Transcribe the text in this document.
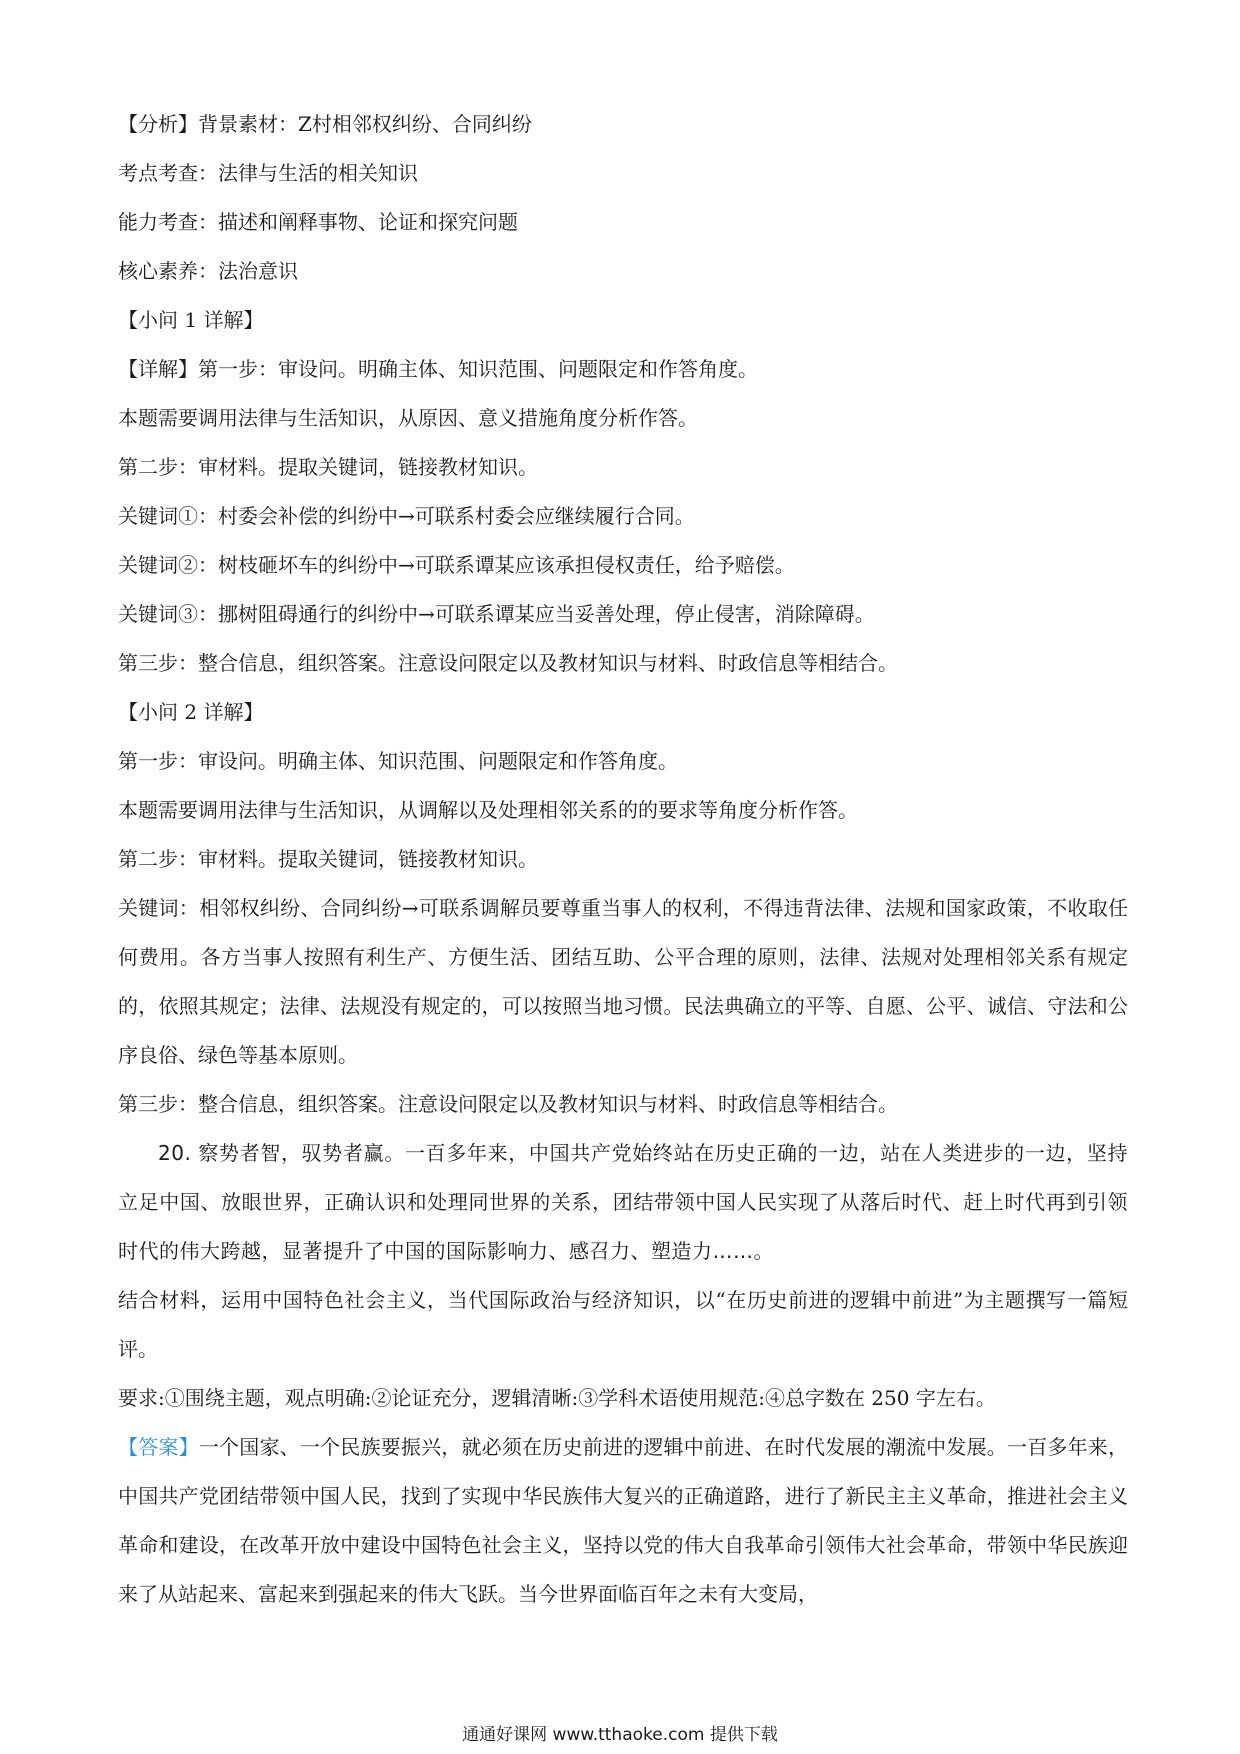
【分析】背景素材：Z村相邻权纠纷、合同纠纷
考点考查：法律与生活的相关知识
能力考查：描述和阐释事物、论证和探究问题
核心素养：法治意识
【小问 1 详解】
【详解】第一步：审设问。明确主体、知识范围、问题限定和作答角度。
本题需要调用法律与生活知识，从原因、意义措施角度分析作答。
第二步：审材料。提取关键词，链接教材知识。
关键词①：村委会补偿的纠纷中→可联系村委会应继续履行合同。
关键词②：树枝砸坏车的纠纷中→可联系谭某应该承担侵权责任，给予赔偿。
关键词③：挪树阻碍通行的纠纷中→可联系谭某应当妥善处理，停止侵害，消除障碍。
第三步：整合信息，组织答案。注意设问限定以及教材知识与材料、时政信息等相结合。
【小问 2 详解】
第一步：审设问。明确主体、知识范围、问题限定和作答角度。
本题需要调用法律与生活知识，从调解以及处理相邻关系的的要求等角度分析作答。
第二步：审材料。提取关键词，链接教材知识。
关键词：相邻权纠纷、合同纠纷→可联系调解员要尊重当事人的权利，不得违背法律、法规和国家政策，不收取任何费用。各方当事人按照有利生产、方便生活、团结互助、公平合理的原则，法律、法规对处理相邻关系有规定的，依照其规定；法律、法规没有规定的，可以按照当地习惯。民法典确立的平等、自愿、公平、诚信、守法和公序良俗、绿色等基本原则。
第三步：整合信息，组织答案。注意设问限定以及教材知识与材料、时政信息等相结合。
20. 察势者智，驭势者赢。一百多年来，中国共产党始终站在历史正确的一边，站在人类进步的一边，坚持立足中国、放眼世界，正确认识和处理同世界的关系，团结带领中国人民实现了从落后时代、赶上时代再到引领时代的伟大跨越，显著提升了中国的国际影响力、感召力、塑造力……。
结合材料，运用中国特色社会主义，当代国际政治与经济知识，以“在历史前进的逻辑中前进”为主题撰写一篇短评。
要求:①围绕主题，观点明确:②论证充分，逻辑清晰:③学科术语使用规范:④总字数在 250 字左右。
【答案】一个国家、一个民族要振兴，就必须在历史前进的逻辑中前进、在时代发展的潮流中发展。一百多年来，中国共产党团结带领中国人民，找到了实现中华民族伟大复兴的正确道路，进行了新民主主义革命，推进社会主义革命和建设，在改革开放中建设中国特色社会主义，坚持以党的伟大自我革命引领伟大社会革命，带领中华民族迎来了从站起来、富起来到强起来的伟大飞跃。当今世界面临百年之未有大变局，
通通好课网 www.tthaoke.com 提供下载
